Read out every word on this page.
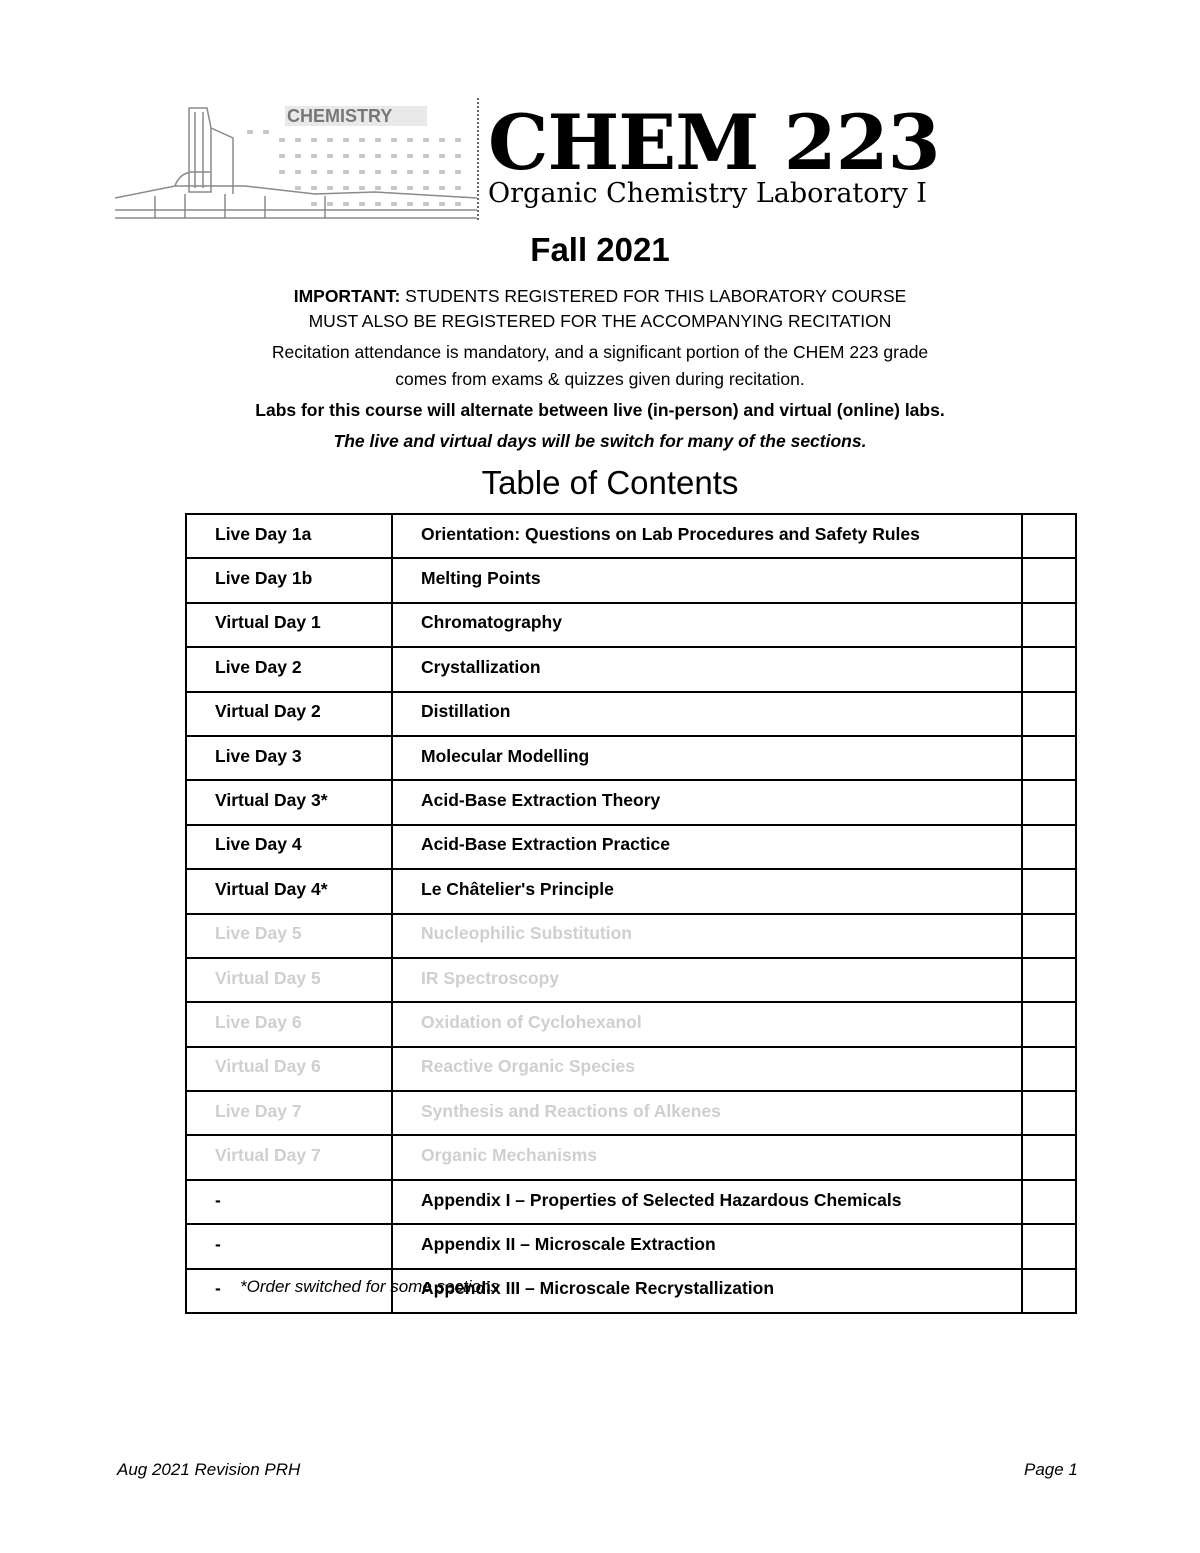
CHEMISTRY CHEM 223
Organic Chemistry Laboratory I
Fall 2021
IMPORTANT: STUDENTS REGISTERED FOR THIS LABORATORY COURSE
MUST ALSO BE REGISTERED FOR THE ACCOMPANYING RECITATION
Recitation attendance is mandatory, and a significant portion of the CHEM 223 grade
comes from exams & quizzes given during recitation.
Labs for this course will alternate between live (in-person) and virtual (online) labs.
The live and virtual days will be switch for many of the sections.
Table of Contents
Live Day 1a	Orientation: Questions on Lab Procedures and Safety Rules	
Live Day 1b	Melting Points	
Virtual Day 1	Chromatography	
Live Day 2	Crystallization	
Virtual Day 2	Distillation	
Live Day 3	Molecular Modelling	
Virtual Day 3*	Acid-Base Extraction Theory	
Live Day 4	Acid-Base Extraction Practice	
Virtual Day 4*	Le Châtelier's Principle	
Live Day 5	Nucleophilic Substitution	
Virtual Day 5	IR Spectroscopy	
Live Day 6	Oxidation of Cyclohexanol	
Virtual Day 6	Reactive Organic Species	
Live Day 7	Synthesis and Reactions of Alkenes	
Virtual Day 7	Organic Mechanisms	
-	Appendix I – Properties of Selected Hazardous Chemicals	
-	Appendix II – Microscale Extraction	
-	Appendix III – Microscale Recrystallization	
*Order switched for some sections
Aug 2021 Revision PRH	Page 1
